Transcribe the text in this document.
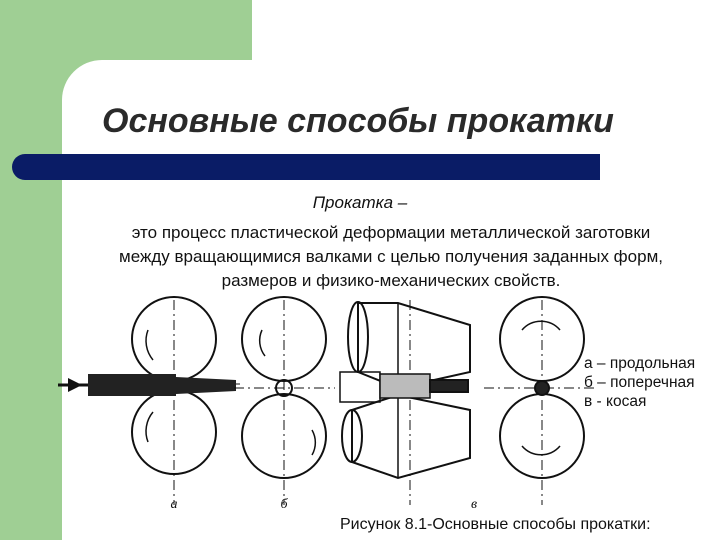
Основные способы прокатки
Прокатка –

это процесс пластической деформации металлической заготовки

между вращающимися валками с целью получения заданных форм,

размеров и физико-механических свойств.

а	б	в
а – продольная
б – поперечная
в - косая
Рисунок 8.1-Основные способы прокатки:
